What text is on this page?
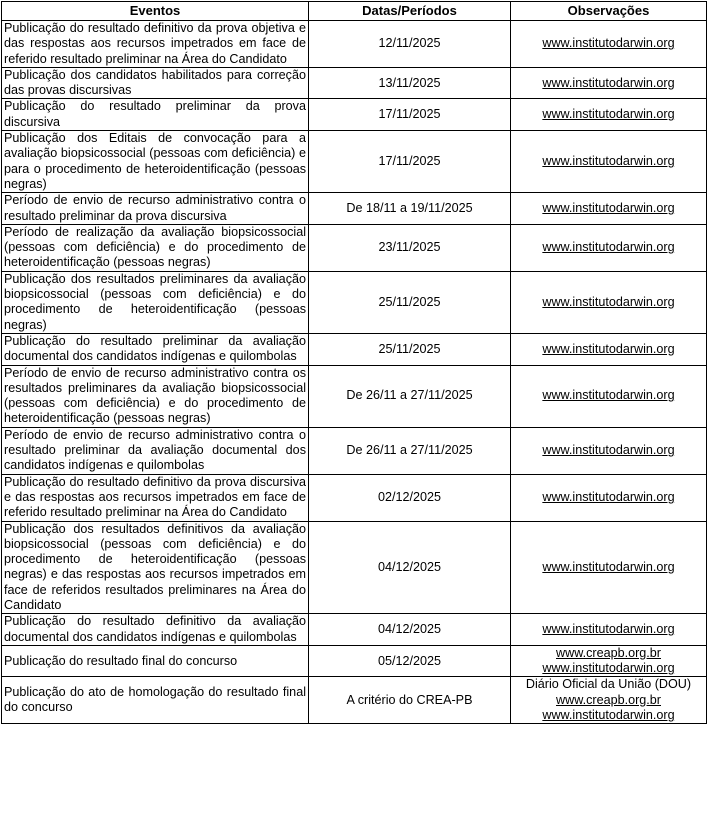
Eventos	Datas/Períodos	Observações
Publicação do resultado definitivo da prova objetiva e das respostas aos recursos impetrados em face de referido resultado preliminar na Área do Candidato	12/11/2025	www.institutodarwin.org

Publicação dos candidatos habilitados para correção das provas discursivas	13/11/2025	www.institutodarwin.org

Publicação do resultado preliminar da prova discursiva	17/11/2025	www.institutodarwin.org

Publicação dos Editais de convocação para a avaliação biopsicossocial (pessoas com deficiência) e para o procedimento de heteroidentificação (pessoas negras)	17/11/2025	www.institutodarwin.org

Período de envio de recurso administrativo contra o resultado preliminar da prova discursiva	De 18/11 a 19/11/2025	www.institutodarwin.org

Período de realização da avaliação biopsicossocial (pessoas com deficiência) e do procedimento de heteroidentificação (pessoas negras)	23/11/2025	www.institutodarwin.org

Publicação dos resultados preliminares da avaliação biopsicossocial (pessoas com deficiência) e do procedimento de heteroidentificação (pessoas negras)	25/11/2025	www.institutodarwin.org

Publicação do resultado preliminar da avaliação documental dos candidatos indígenas e quilombolas	25/11/2025	www.institutodarwin.org

Período de envio de recurso administrativo contra os resultados preliminares da avaliação biopsicossocial (pessoas com deficiência) e do procedimento de heteroidentificação (pessoas negras)	De 26/11 a 27/11/2025	www.institutodarwin.org

Período de envio de recurso administrativo contra o resultado preliminar da avaliação documental dos candidatos indígenas e quilombolas	De 26/11 a 27/11/2025	www.institutodarwin.org

Publicação do resultado definitivo da prova discursiva e das respostas aos recursos impetrados em face de referido resultado preliminar na Área do Candidato	02/12/2025	www.institutodarwin.org

Publicação dos resultados definitivos da avaliação biopsicossocial (pessoas com deficiência) e do procedimento de heteroidentificação (pessoas negras) e das respostas aos recursos impetrados em face de referidos resultados preliminares na Área do Candidato	04/12/2025	www.institutodarwin.org

Publicação do resultado definitivo da avaliação documental dos candidatos indígenas e quilombolas	04/12/2025	www.institutodarwin.org

Publicação do resultado final do concurso	05/12/2025	www.creapb.org.br
www.institutodarwin.org

Publicação do ato de homologação do resultado final do concurso	A critério do CREA-PB	Diário Oficial da União (DOU)
www.creapb.org.br
www.institutodarwin.org
